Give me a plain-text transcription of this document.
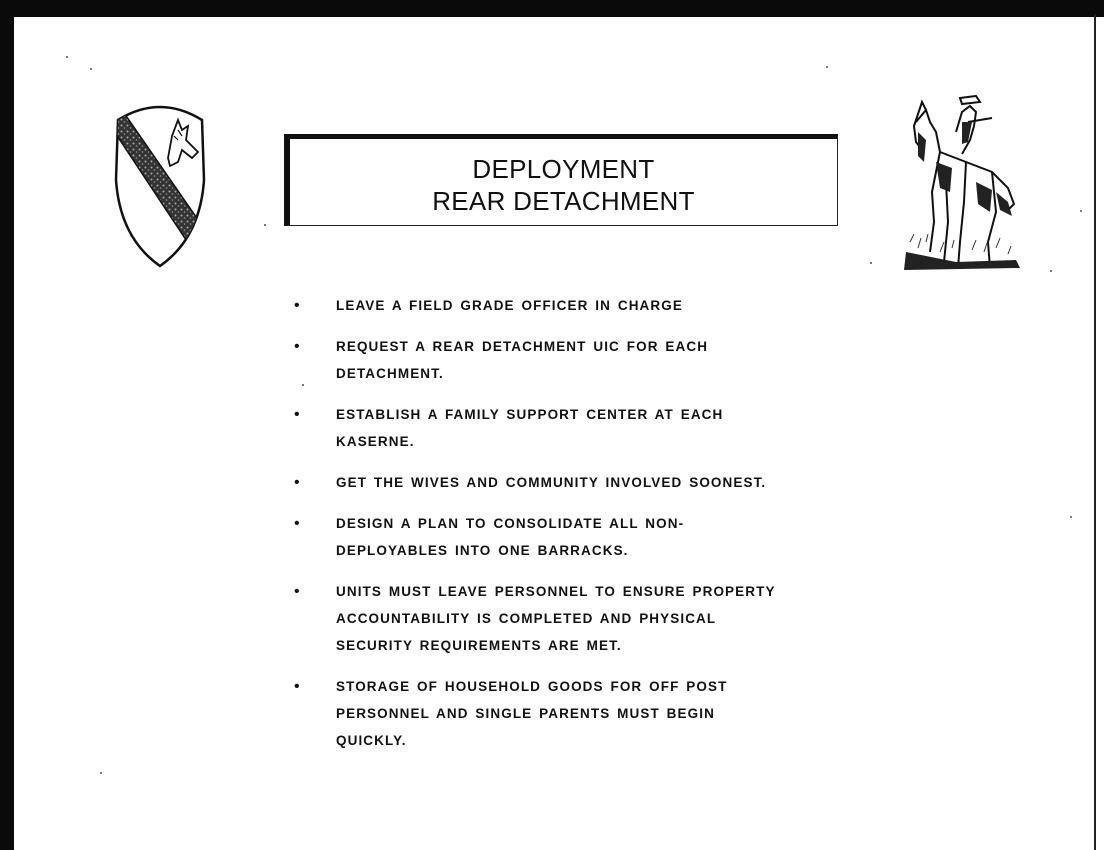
DEPLOYMENT
REAR DETACHMENT
•	LEAVE A FIELD GRADE OFFICER IN CHARGE
•	REQUEST A REAR DETACHMENT UIC FOR EACH
DETACHMENT.
•	ESTABLISH A FAMILY SUPPORT CENTER AT EACH
KASERNE.
•	GET THE WIVES AND COMMUNITY INVOLVED SOONEST.
•	DESIGN A PLAN TO CONSOLIDATE ALL NON-
DEPLOYABLES INTO ONE BARRACKS.
•	UNITS MUST LEAVE PERSONNEL TO ENSURE PROPERTY
ACCOUNTABILITY IS COMPLETED AND PHYSICAL
SECURITY REQUIREMENTS ARE MET.
•	STORAGE OF HOUSEHOLD GOODS FOR OFF POST
PERSONNEL AND SINGLE PARENTS MUST BEGIN
QUICKLY.
